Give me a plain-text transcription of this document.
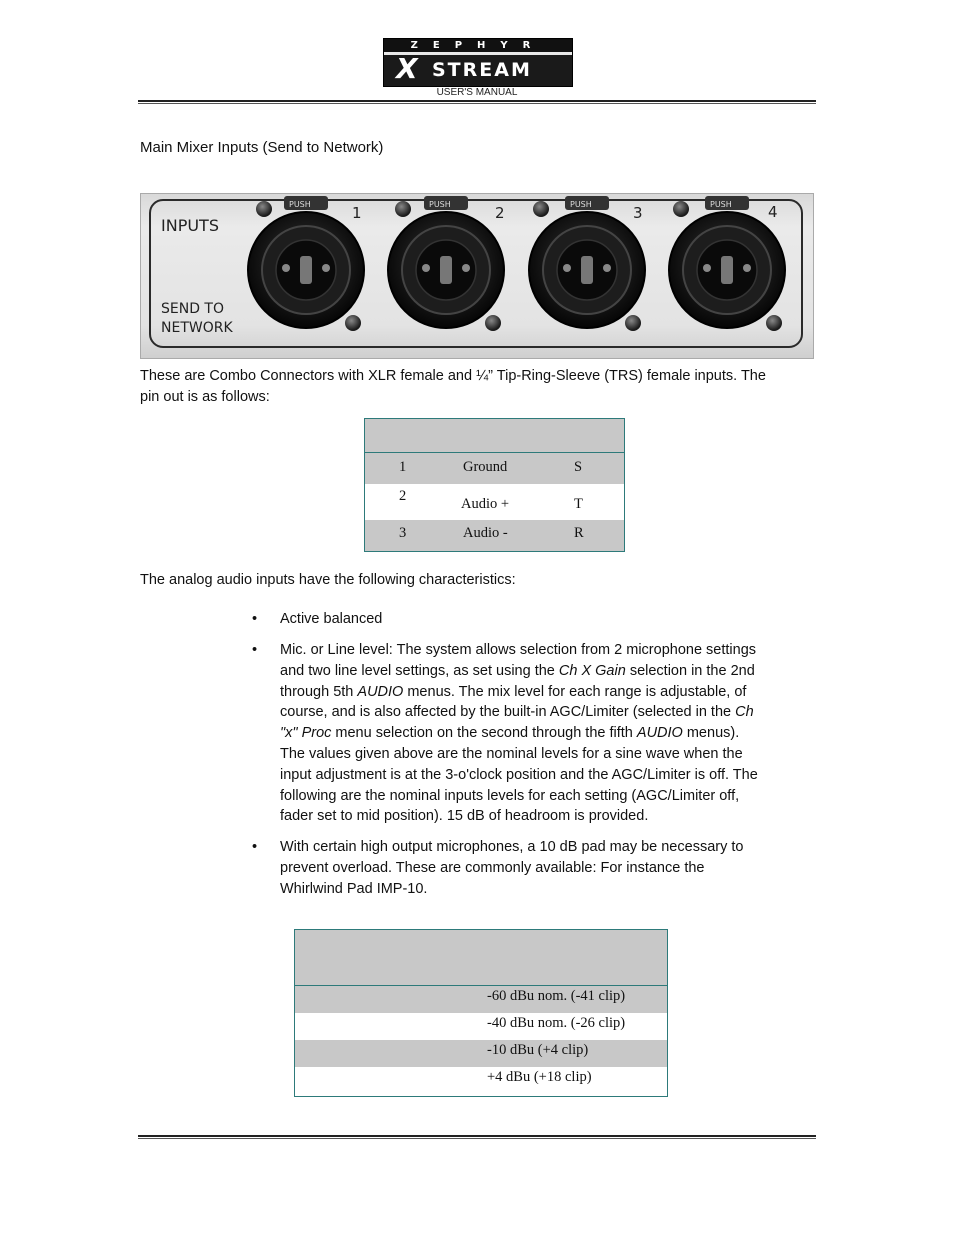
ZEPHYR
X STREAM
USER'S MANUAL
Main Mixer Inputs (Send to Network)
INPUTS
SEND TO
NETWORK
PUSH	PUSH	PUSH	PUSH
1	2	3	4
These are Combo Connectors with XLR female and ¼” Tip-Ring-Sleeve (TRS) female inputs. The
pin out is as follows:
1	Ground	S
2	Audio +	T
3	Audio -	R
The analog audio inputs have the following characteristics:
• Active balanced
• Mic. or Line level: The system allows selection from 2 microphone settings
and two line level settings, as set using the Ch X Gain selection in the 2nd
through 5th AUDIO menus. The mix level for each range is adjustable, of
course, and is also affected by the built-in AGC/Limiter (selected in the Ch
"x" Proc menu selection on the second through the fifth AUDIO menus).
The values given above are the nominal levels for a sine wave when the
input adjustment is at the 3-o'clock position and the AGC/Limiter is off. The
following are the nominal inputs levels for each setting (AGC/Limiter off,
fader set to mid position). 15 dB of headroom is provided.
• With certain high output microphones, a 10 dB pad may be necessary to
prevent overload. These are commonly available: For instance the
Whirlwind Pad IMP-10.
-60 dBu nom. (-41 clip)
-40 dBu nom. (-26 clip)
-10 dBu (+4 clip)
+4 dBu (+18 clip)
